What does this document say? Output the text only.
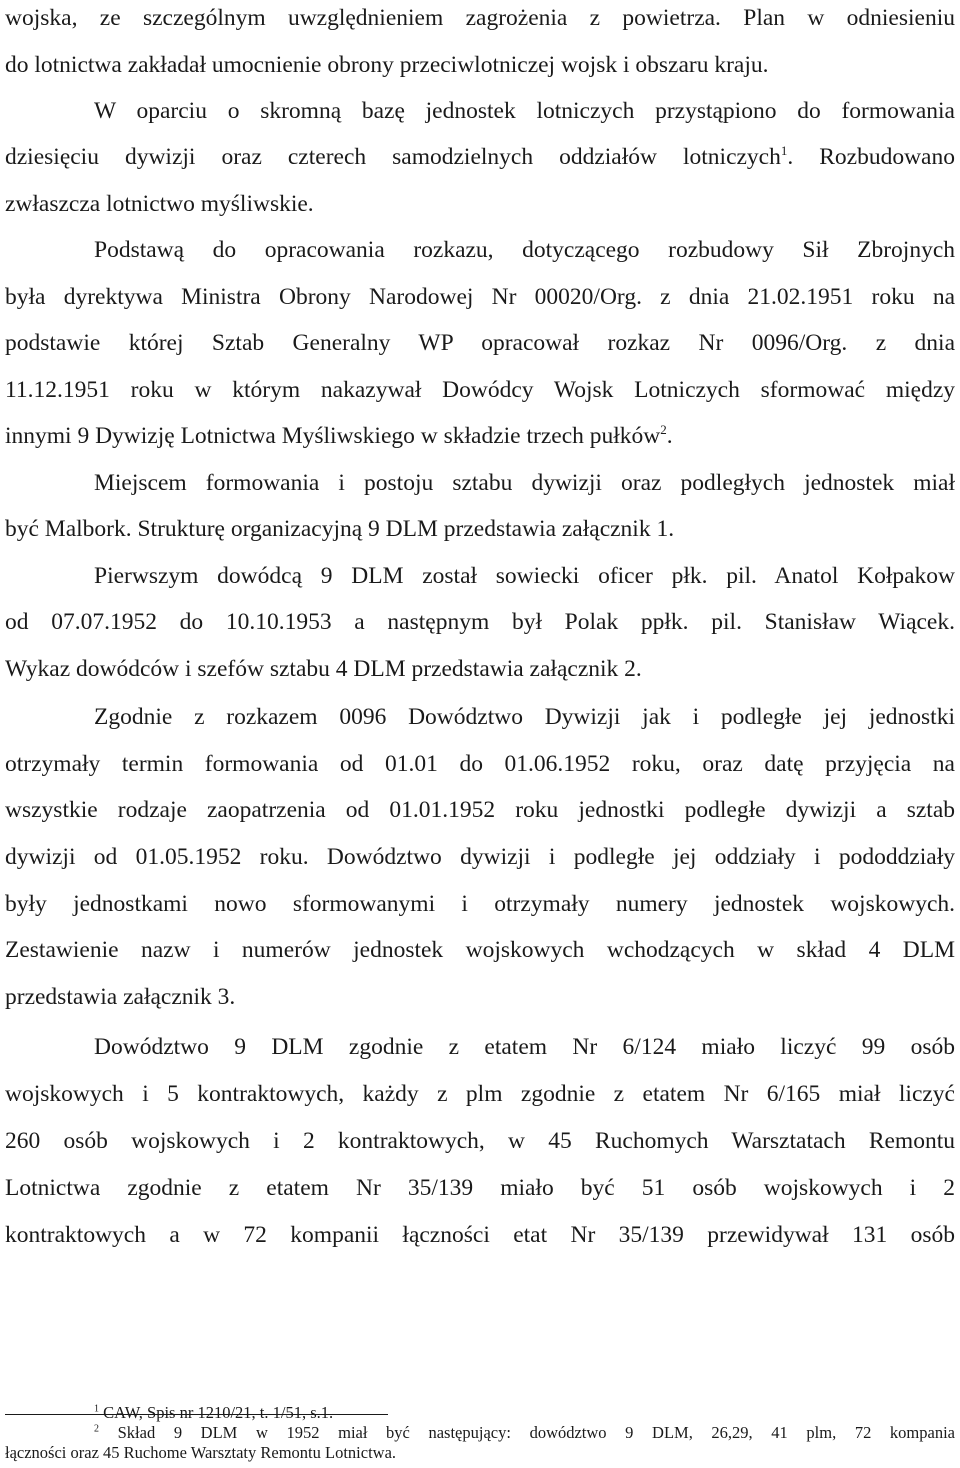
wojska, ze szczególnym uwzględnieniem zagrożenia z powietrza. Plan w odniesieniu

do lotnictwa zakładał umocnienie obrony przeciwlotniczej wojsk i obszaru kraju.

W oparciu o skromną bazę jednostek lotniczych przystąpiono do formowania

dziesięciu dywizji oraz czterech samodzielnych oddziałów lotniczych$^1$. Rozbudowano

zwłaszcza lotnictwo myśliwskie.

Podstawą do opracowania rozkazu, dotyczącego rozbudowy Sił Zbrojnych

była dyrektywa Ministra Obrony Narodowej Nr 00020/Org. z dnia 21.02.1951 roku na

podstawie której Sztab Generalny WP opracował rozkaz Nr 0096/Org. z dnia

11.12.1951 roku w którym nakazywał Dowódcy Wojsk Lotniczych sformować między

innymi 9 Dywizję Lotnictwa Myśliwskiego w składzie trzech pułków$^2$.

Miejscem formowania i postoju sztabu dywizji oraz podległych jednostek miał

być Malbork. Strukturę organizacyjną 9 DLM przedstawia załącznik 1.

Pierwszym dowódcą 9 DLM został sowiecki oficer płk. pil. Anatol Kołpakow

od 07.07.1952 do 10.10.1953 a następnym był Polak ppłk. pil. Stanisław Wiącek.

Wykaz dowódców i szefów sztabu 4 DLM przedstawia załącznik 2.

Zgodnie z rozkazem 0096 Dowództwo Dywizji jak i podległe jej jednostki

otrzymały termin formowania od 01.01 do 01.06.1952 roku, oraz datę przyjęcia na

wszystkie rodzaje zaopatrzenia od 01.01.1952 roku jednostki podległe dywizji a sztab

dywizji od 01.05.1952 roku. Dowództwo dywizji i podległe jej oddziały i pododdziały

były jednostkami nowo sformowanymi i otrzymały numery jednostek wojskowych.

Zestawienie nazw i numerów jednostek wojskowych wchodzących w skład 4 DLM

przedstawia załącznik 3.

Dowództwo 9 DLM zgodnie z etatem Nr 6/124 miało liczyć 99 osób

wojskowych i 5 kontraktowych, każdy z plm zgodnie z etatem Nr 6/165 miał liczyć

260 osób wojskowych i 2 kontraktowych, w 45 Ruchomych Warsztatach Remontu

Lotnictwa zgodnie z etatem Nr 35/139 miało być 51 osób wojskowych i 2

kontraktowych a w 72 kompanii łączności etat Nr 35/139 przewidywał 131 osób

$^1$ CAW, Spis nr 1210/21, t. 1/51, s.1.

$^2$ Skład 9 DLM w 1952 miał być następujący: dowództwo 9 DLM, 26,29, 41 plm, 72 kompania

łączności oraz 45 Ruchome Warsztaty Remontu Lotnictwa.
